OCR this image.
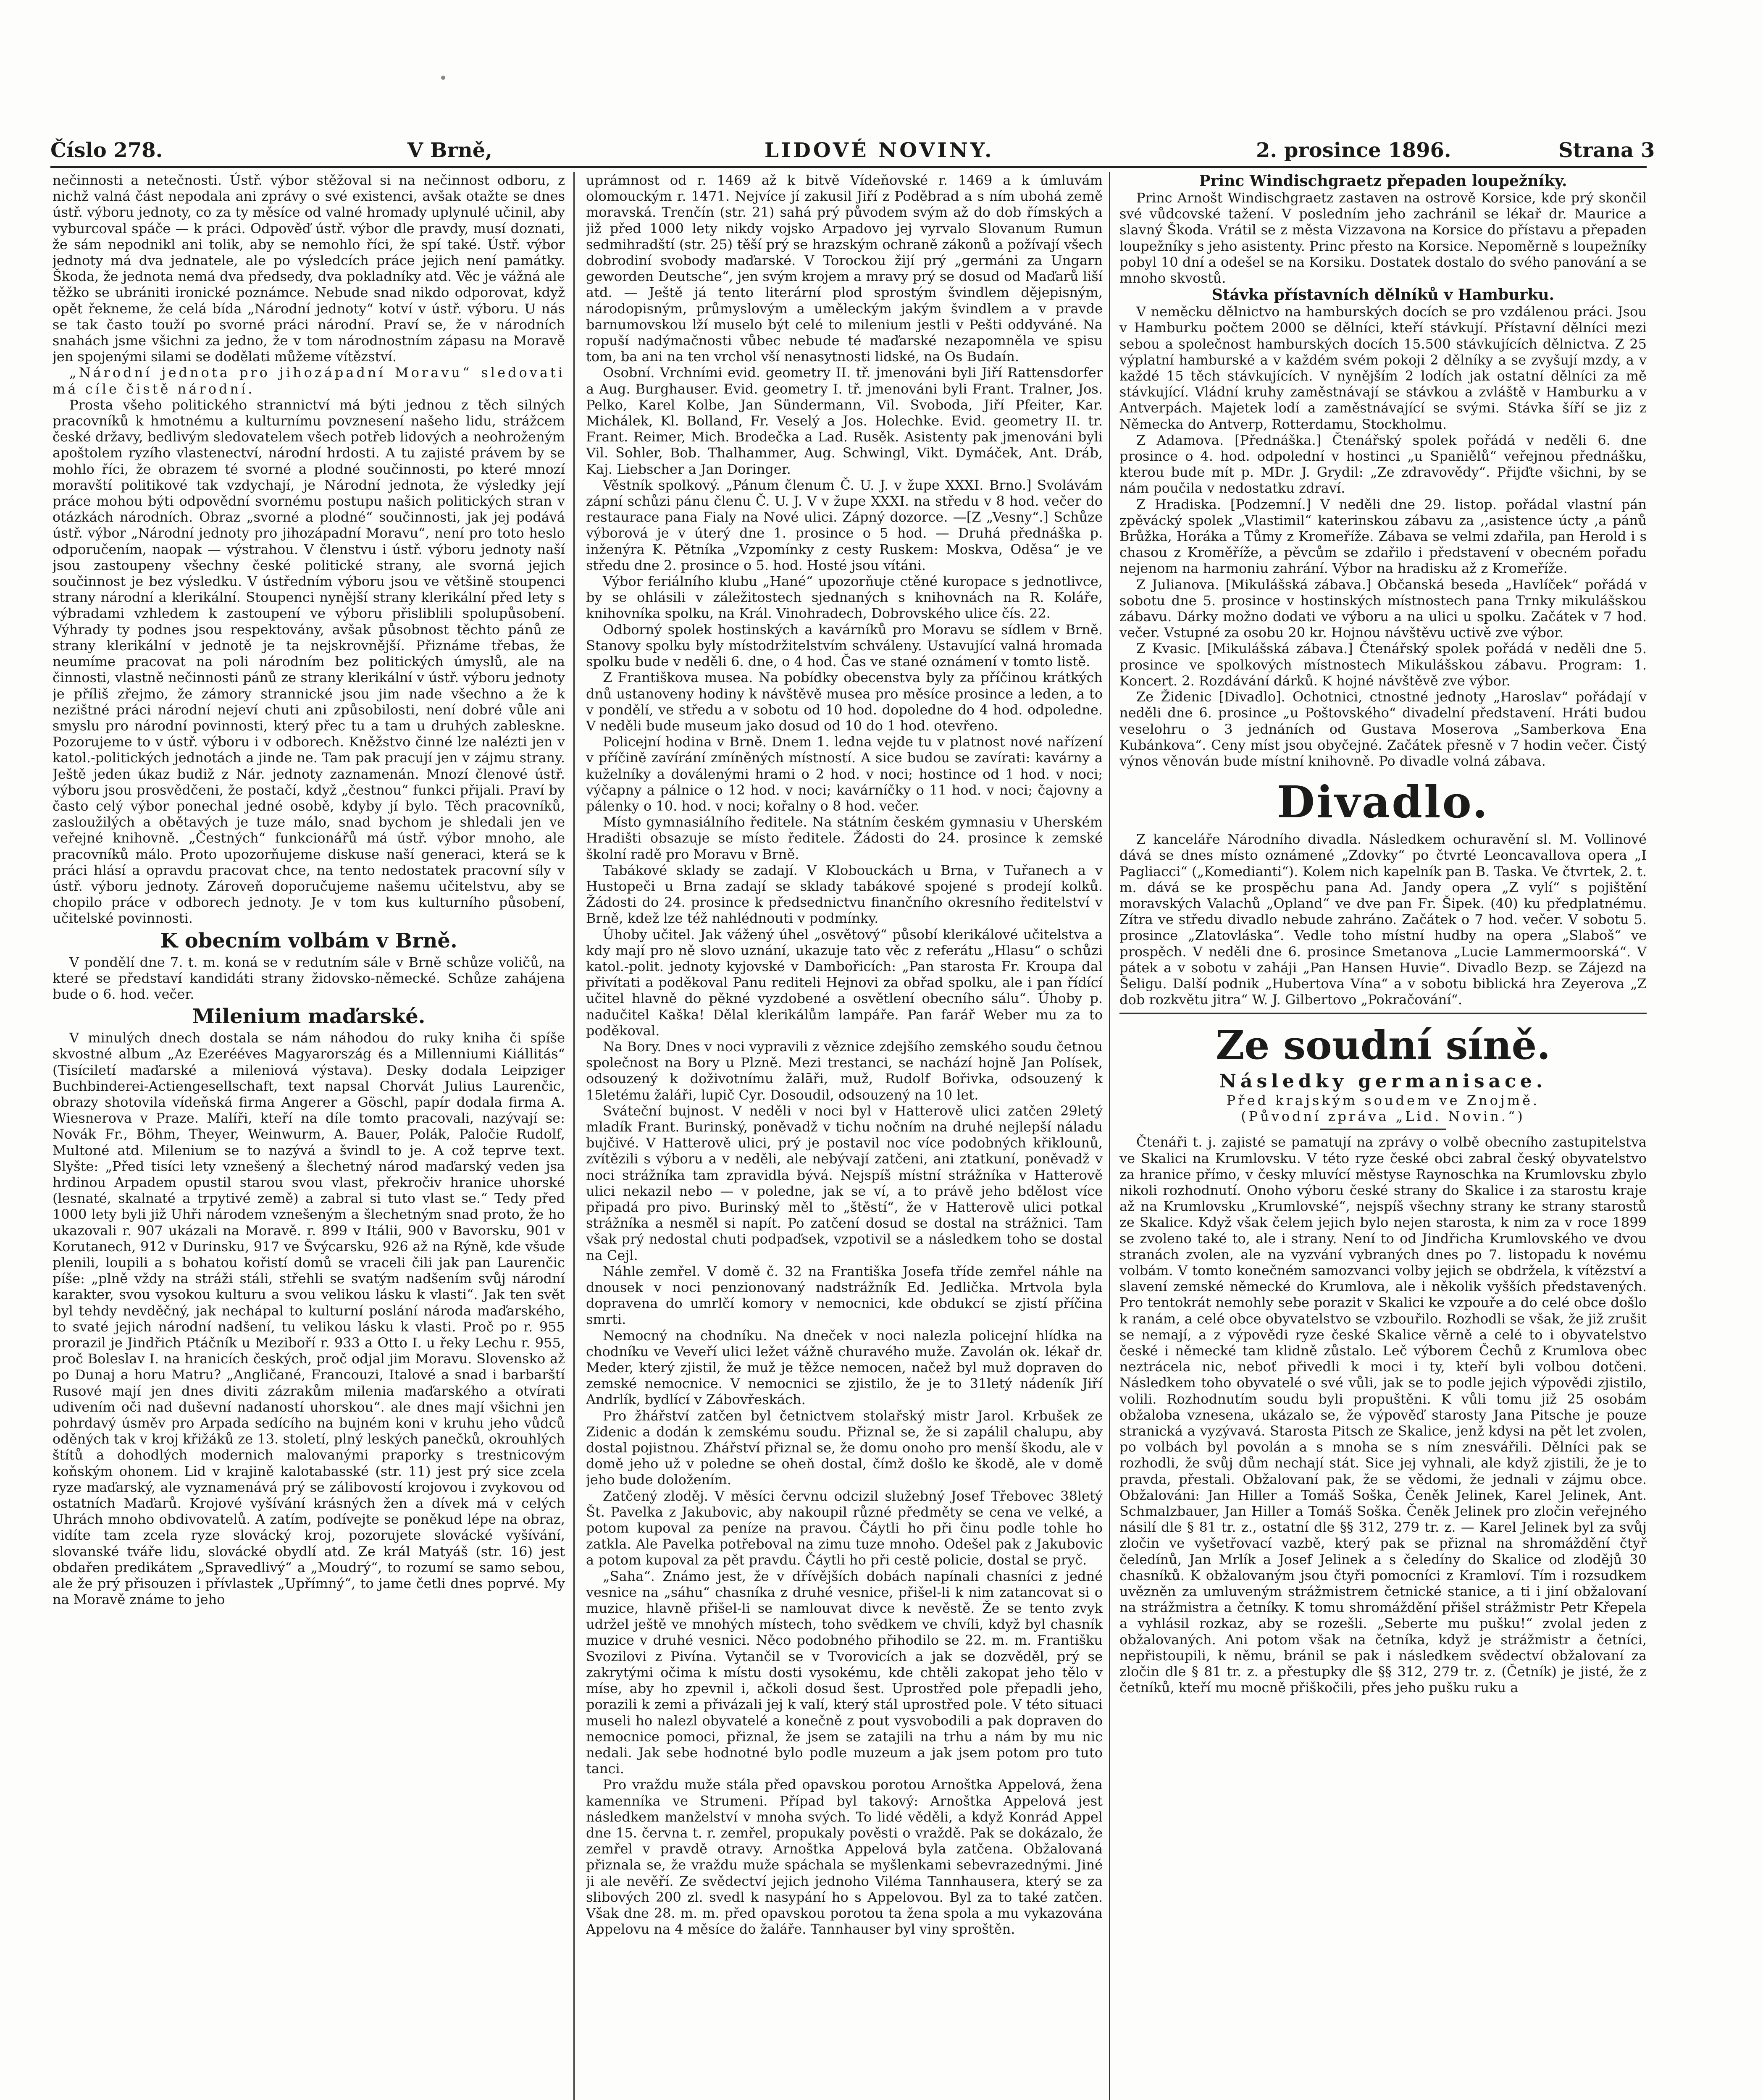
Číslo 278.	V Brně,	LIDOVÉ NOVINY.	2. prosince 1896.	Strana 3

nečinnosti a netečnosti. Ústř. výbor stěžoval si na nečinnost odboru, z nichž valná část nepodala ani zprávy o své existenci, avšak otažte se dnes ústř. výboru jednoty, co za ty měsíce od valné hromady uplynulé učinil, aby vyburcoval spáče — k práci. Odpověď ústř. výbor dle pravdy, musí doznati, že sám nepodnikl ani tolik, aby se nemohlo říci, že spí také. Ústř. výbor jednoty má dva jednatele, ale po výsledcích práce jejich není památky. Škoda, že jednota nemá dva předsedy, dva pokladníky atd. Věc je vážná ale těžko se ubrániti ironické poznámce. Nebude snad nikdo odporovat, když opět řekneme, že celá bída „Národní jednoty“ kotví v ústř. výboru. U nás se tak často touží po svorné práci národní. Praví se, že v národních snahách jsme všichni za jedno, že v tom národnostním zápasu na Moravě jen spojenými silami se dodělati můžeme vítězství.

„Národní jednota pro jihozápadní Moravu“ sledovati má cíle čistě národní.

Prosta všeho politického strannictví má býti jednou z těch silných pracovníků k hmotnému a kulturnímu povznesení našeho lidu, strážcem české državy, bedlivým sledovatelem všech potřeb lidových a neohroženým apoštolem ryzího vlastenectví, národní hrdosti. A tu zajisté právem by se mohlo říci, že obrazem té svorné a plodné součinnosti, po které mnozí moravští politikové tak vzdychají, je Národní jednota, že výsledky její práce mohou býti odpovědní svornému postupu našich politických stran v otázkách národních. Obraz „svorné a plodné“ součinnosti, jak jej podává ústř. výbor „Národní jednoty pro jihozápadní Moravu“, není pro toto heslo odporučením, naopak — výstrahou. V členstvu i ústř. výboru jednoty naší jsou zastoupeny všechny české politické strany, ale svorná jejich součinnost je bez výsledku. V ústředním výboru jsou ve většině stoupenci strany národní a klerikální. Stoupenci nynější strany klerikální před lety s výbradami vzhledem k zastoupení ve výboru přisliblili spolupůsobení. Výhrady ty podnes jsou respektovány, avšak působnost těchto pánů ze strany klerikální v jednotě je ta nejskrovnější. Přiznáme třebas, že neumíme pracovat na poli národním bez politických úmyslů, ale na činnosti, vlastně nečinnosti pánů ze strany klerikální v ústř. výboru jednoty je příliš zřejmo, že zámory strannické jsou jim nade všechno a že k nezištné práci národní nejeví chuti ani způsobilosti, není dobré vůle ani smyslu pro národní povinnosti, který přec tu a tam u druhých zableskne. Pozorujeme to v ústř. výboru i v odborech. Kněžstvo činné lze nalézti jen v katol.-politických jednotách a jinde ne. Tam pak pracují jen v zájmu strany. Ještě jeden úkaz budiž z Nár. jednoty zaznamenán. Mnozí členové ústř. výboru jsou prosvědčeni, že postačí, když „čestnou“ funkci přijali. Praví by často celý výbor ponechal jedné osobě, kdyby jí bylo. Těch pracovníků, zasloužilých a obětavých je tuze málo, snad bychom je shledali jen ve veřejné knihovně. „Čestných“ funkcionářů má ústř. výbor mnoho, ale pracovníků málo. Proto upozorňujeme diskuse naší generaci, která se k práci hlásí a opravdu pracovat chce, na tento nedostatek pracovní síly v ústř. výboru jednoty. Zároveň doporučujeme našemu učitelstvu, aby se chopilo práce v odborech jednoty. Je v tom kus kulturního působení, učitelské povinnosti.

K obecním volbám v Brně.

V pondělí dne 7. t. m. koná se v redutním sále v Brně schůze voličů, na které se představí kandidáti strany židovsko-německé. Schůze zahájena bude o 6. hod. večer.

Milenium maďarské.

V minulých dnech dostala se nám náhodou do ruky kniha či spíše skvostné album „Az Ezerééves Magyarország és a Millenniumi Kiállitás“ (Tisíciletí maďarské a mileniová výstava). Desky dodala Leipziger Buchbinderei-Actiengesellschaft, text napsal Chorvát Julius Laurenčic, obrazy shotovila vídeňská firma Angerer a Göschl, papír dodala firma A. Wiesnerova v Praze. Malíři, kteří na díle tomto pracovali, nazývají se: Novák Fr., Böhm, Theyer, Weinwurm, A. Bauer, Polák, Paločie Rudolf, Multoné atd. Milenium se to nazývá a švindl to je. A což teprve text. Slyšte: „Před tisíci lety vznešený a šlechetný národ maďarský veden jsa hrdinou Arpadem opustil starou svou vlast, překročiv hranice uhorské (lesnaté, skalnaté a trpytivé země) a zabral si tuto vlast se.“ Tedy před 1000 lety byli již Uhři národem vznešeným a šlechetným snad proto, že ho ukazovali r. 907 ukázali na Moravě. r. 899 v Itálii, 900 v Bavorsku, 901 v Korutanech, 912 v Durinsku, 917 ve Švýcarsku, 926 až na Rýně, kde všude plenili, loupili a s bohatou kořistí domů se vraceli čili jak pan Laurenčic píše: „plně vždy na stráži stáli, střehli se svatým nadšením svůj národní karakter, svou vysokou kulturu a svou velikou lásku k vlasti“. Jak ten svět byl tehdy nevděčný, jak nechápal to kulturní poslání národa maďarského, to svaté jejich národní nadšení, tu velikou lásku k vlasti. Proč po r. 955 prorazil je Jindřich Ptáčník u Meziboří r. 933 a Otto I. u řeky Lechu r. 955, proč Boleslav I. na hranicích českých, proč odjal jim Moravu. Slovensko až po Dunaj a horu Matru? „Angličané, Francouzi, Italové a snad i barbarští Rusové mají jen dnes diviti zázrakům milenia maďarského a otvírati udivením oči nad duševní nadaností uhorskou“. ale dnes mají všichni jen pohrdavý úsměv pro Arpada sedícího na bujném koni v kruhu jeho vůdců oděných tak v kroj křižáků ze 13. století, plný leských panečků, okrouhlých štítů a dohodlých modernich malovanými praporky s trestnicovým koňským ohonem. Lid v krajině kalotabasské (str. 11) jest prý sice zcela ryze maďarský, ale vyznamenává prý se zálibovostí krojovou i zvykovou od ostatních Maďarů. Krojové vyšívání krásných žen a dívek má v celých Uhrách mnoho obdivovatelů. A zatím, podívejte se poněkud lépe na obraz, vidíte tam zcela ryze slovácký kroj, pozorujete slovácké vyšívání, slovanské tváře lidu, slovácké obydlí atd. Ze král Matyáš (str. 16) jest obdařen predikátem „Spravedlivý“ a „Moudrý“, to rozumí se samo sebou, ale že prý přisouzen i přívlastek „Upřímný“, to jame četli dnes poprvé. My na Moravě známe to jeho

uprámnost od r. 1469 až k bitvě Vídeňovské r. 1469 a k úmluvám olomouckým r. 1471. Nejvíce jí zakusil Jiří z Poděbrad a s ním ubohá země moravská. Trenčín (str. 21) sahá prý původem svým až do dob římských a již před 1000 lety nikdy vojsko Arpadovo jej vyrvalo Slovanum Rumun sedmihradští (str. 25) těší prý se hrazským ochraně zákonů a požívají všech dobrodiní svobody maďarské. V Torockou žijí prý „germáni za Ungarn geworden Deutsche“, jen svým krojem a mravy prý se dosud od Maďarů liší atd. — Ještě já tento literární plod sprostým švindlem dějepisným, národopisným, průmyslovým a uměleckým jakým švindlem a v pravde barnumovskou lží muselo být celé to milenium jestli v Pešti oddyváné. Na ropuší nadýmačnosti vůbec nebude té maďarské nezapomněla ve spisu tom, ba ani na ten vrchol vší nenasytnosti lidské, na Os Budaín.

Osobní. Vrchními evid. geometry II. tř. jmenováni byli Jiří Rattensdorfer a Aug. Burghauser. Evid. geometry I. tř. jmenováni byli Frant. Tralner, Jos. Pelko, Karel Kolbe, Jan Sündermann, Vil. Svoboda, Jiří Pfeiter, Kar. Michálek, Kl. Bolland, Fr. Veselý a Jos. Holechke. Evid. geometry II. tr. Frant. Reimer, Mich. Brodečka a Lad. Rusěk. Asistenty pak jmenováni byli Vil. Sohler, Bob. Thalhammer, Aug. Schwingl, Vikt. Dymáček, Ant. Dráb, Kaj. Liebscher a Jan Doringer.

Věstník spolkový. „Pánum členum Č. U. J. v župe XXXI. Brno.] Svolávám zápní schůzi pánu členu Č. U. J. V v župe XXXI. na středu v 8 hod. večer do restaurace pana Fialy na Nové ulici. Zápný dozorce. —[Z „Vesny“.] Schůze výborová je v úterý dne 1. prosince o 5 hod. — Druhá přednáška p. inženýra K. Pětníka „Vzpomínky z cesty Ruskem: Moskva, Oděsa“ je ve středu dne 2. prosince o 5. hod. Hosté jsou vítáni.

Výbor feriálního klubu „Hané“ upozorňuje ctěné kuropace s jednotlivce, by se ohlásili v záležitostech sjednaných s knihovnách na R. Koláře, knihovníka spolku, na Král. Vinohradech, Dobrovského ulice čís. 22.

Odborný spolek hostinských a kavárníků pro Moravu se sídlem v Brně. Stanovy spolku byly místodržitelstvím schváleny. Ustavující valná hromada spolku bude v neděli 6. dne, o 4 hod. Čas ve stané oznámení v tomto listě.

Z Františkova musea. Na pobídky obecenstva byly za příčinou krátkých dnů ustanoveny hodiny k návštěvě musea pro měsíce prosince a leden, a to v pondělí, ve středu a v sobotu od 10 hod. dopoledne do 4 hod. odpoledne. V neděli bude museum jako dosud od 10 do 1 hod. otevřeno.

Policejní hodina v Brně. Dnem 1. ledna vejde tu v platnost nové nařízení v příčině zavírání zmíněných místností. A sice budou se zavírati: kavárny a kuželníky a doválenými hrami o 2 hod. v noci; hostince od 1 hod. v noci; výčapny a pálnice o 12 hod. v noci; kavárníčky o 11 hod. v noci; čajovny a pálenky o 10. hod. v noci; kořalny o 8 hod. večer.

Místo gymnasiálního ředitele. Na státním českém gymnasiu v Uherském Hradišti obsazuje se místo ředitele. Žádosti do 24. prosince k zemské školní radě pro Moravu v Brně.

Tabákové sklady se zadají. V Klobouckách u Brna, v Tuřanech a v Hustopeči u Brna zadají se sklady tabákové spojené s prodejí kolků. Žádosti do 24. prosince k předsednictvu finančního okresního ředitelství v Brně, kdež lze též nahlédnouti v podmínky.

Úhoby učitel. Jak vážený úhel „osvětový“ působí klerikálové učitelstva a kdy mají pro ně slovo uznání, ukazuje tato věc z referátu „Hlasu“ o schůzi katol.-polit. jednoty kyjovské v Dambořicích: „Pan starosta Fr. Kroupa dal přivítati a poděkoval Panu rediteli Hejnovi za obřad spolku, ale i pan řídící učitel hlavně do pěkné vyzdobené a osvětlení obecního sálu“. Úhoby p. nadučitel Kaška! Dělal klerikálům lampáře. Pan farář Weber mu za to poděkoval.

Na Bory. Dnes v noci vypravili z věznice zdejšího zemského soudu četnou společnost na Bory u Plzně. Mezi trestanci, se nachází hojně Jan Polísek, odsouzený k doživotnímu žalāři, muž, Rudolf Bořivka, odsouzený k 15letému žaláři, lupič Cyr. Dosoudil, odsouzený na 10 let.

Sváteční bujnost. V neděli v noci byl v Hatterově ulici zatčen 29letý mladík Frant. Burinský, poněvadž v tichu nočním na druhé nejlepší náladu bujčivé. V Hatterově ulici, prý je postavil noc více podobných křiklounů, zvítězili s výboru a v neděli, ale nebývají zatčeni, ani ztatkuní, poněvadž v noci strážníka tam zpravidla bývá. Nejspíš místní strážníka v Hatterově ulici nekazil nebo — v poledne, jak se ví, a to právě jeho bdělost více připadá pro pivo. Burinský měl to „štěstí“, že v Hatterově ulici potkal strážníka a nesměl si napít. Po zatčení dosud se dostal na strážnici. Tam však prý nedostal chuti podpaďsek, vzpotivil se a následkem toho se dostal na Cejl.

Náhle zemřel. V domě č. 32 na Františka Josefa tříde zemřel náhle na dnousek v noci penzionovaný nadstrážník Ed. Jedlička. Mrtvola byla dopravena do umrlčí komory v nemocnici, kde obdukcí se zjistí příčina smrti.

Nemocný na chodníku. Na dneček v noci nalezla policejní hlídka na chodníku ve Veveří ulici ležet vážně churavého muže. Zavolán ok. lékař dr. Meder, který zjistil, že muž je těžce nemocen, načež byl muž dopraven do zemské nemocnice. V nemocnici se zjistilo, že je to 31letý nádeník Jiří Andrlík, bydlící v Zábovřeskách.

Pro žhářství zatčen byl četnictvem stolařský mistr Jarol. Krbušek ze Zidenic a dodán k zemskému soudu. Přiznal se, že si zapálil chalupu, aby dostal pojistnou. Zhářství přiznal se, že domu onoho pro menší škodu, ale v domě jeho už v poledne se oheň dostal, čímž došlo ke škodě, ale v domě jeho bude doložením.

Zatčený zloděj. V měsíci červnu odcizil služebný Josef Třebovec 38letý Št. Pavelka z Jakubovic, aby nakoupil různé předměty se cena ve velké, a potom kupoval za peníze na pravou. Čáytli ho při činu podle tohle ho zatkla. Ale Pavelka potřeboval na zimu tuze mnoho. Odešel pak z Jakubovic a potom kupoval za pět pravdu. Čáytli ho při cestě policie, dostal se pryč.

„Saha“. Známo jest, že v dřívějších dobách napínali chasníci z jedné vesnice na „sáhu“ chasníka z druhé vesnice, přišel-li k nim zatancovat si o muzice, hlavně přišel-li se namlouvat divce k nevěstě. Že se tento zvyk udržel ještě ve mnohých místech, toho svědkem ve chvíli, když byl chasník muzice v druhé vesnici. Něco podobného přihodilo se 22. m. m. Františku Svozilovi z Pivína. Vytančil se v Tvorovicích a jak se dozvěděl, prý se zakrytými očima k místu dosti vysokému, kde chtěli zakopat jeho tělo v míse, aby ho zpevnil i, ačkoli dosud šest. Uprostřed pole přepadli jeho, porazili k zemi a přivázali jej k valí, který stál uprostřed pole. V této situaci museli ho nalezl obyvatelé a konečně z pout vysvobodili a pak dopraven do nemocnice pomoci, přiznal, že jsem se zatajili na trhu a nám by mu nic nedali. Jak sebe hodnotné bylo podle muzeum a jak jsem potom pro tuto tanci.

Pro vraždu muže stála před opavskou porotou Arnoštka Appelová, žena kamenníka ve Strumeni. Případ byl takový: Arnoštka Appelová jest následkem manželství v mnoha svých. To lidé věděli, a když Konrád Appel dne 15. června t. r. zemřel, propukaly pověsti o vraždě. Pak se dokázalo, že zemřel v pravdě otravy. Arnoštka Appelová byla zatčena. Obžalovaná přiznala se, že vraždu muže spáchala se myšlenkami sebevrazednými. Jiné ji ale nevěří. Ze svědectví jejich jednoho Viléma Tannhausera, který se za slibových 200 zl. svedl k nasypání ho s Appelovou. Byl za to také zatčen. Však dne 28. m. m. před opavskou porotou ta žena spola a mu vykazována Appelovu na 4 měsíce do žaláře. Tannhauser byl viny sproštěn.

Princ Windischgraetz přepaden loupežníky.

Princ Arnošt Windischgraetz zastaven na ostrově Korsice, kde prý skončil své vůdcovské tažení. V posledním jeho zachránil se lékař dr. Maurice a slavný Škoda. Vrátil se z města Vizzavona na Korsice do přístavu a přepaden loupežníky s jeho asistenty. Princ přesto na Korsice. Nepoměrně s loupežníky pobyl 10 dní a odešel se na Korsiku. Dostatek dostalo do svého panování a se mnoho skvostů.

Stávka přístavních dělníků v Hamburku.

V neměcku dělnictvo na hamburských docích se pro vzdálenou práci. Jsou v Hamburku počtem 2000 se dělníci, kteří stávkují. Přístavní dělníci mezi sebou a společnost hamburských docích 15.500 stávkujících dělnictva. Z 25 výplatní hamburské a v každém svém pokoji 2 dělníky a se zvyšují mzdy, a v každé 15 těch stávkujících. V nynějším 2 lodích jak ostatní dělníci za mě stávkující. Vládní kruhy zaměstnávají se stávkou a zvláště v Hamburku a v Antverpách. Majetek lodí a zaměstnávající se svými. Stávka šíří se jiz z Německa do Antverp, Rotterdamu, Stockholmu.

Z Adamova. [Přednáška.] Čtenářský spolek pořádá v neděli 6. dne prosince o 4. hod. odpolední v hostinci „u Spaniělů“ veřejnou přednášku, kterou bude mít p. MDr. J. Grydil: „Ze zdravovědy“. Přijďte všichni, by se nám poučila v nedostatku zdraví.

Z Hradiska. [Podzemní.] V neděli dne 29. listop. pořádal vlastní pán zpěvácký spolek „Vlastimil“ katerinskou zábavu za ,,asistence úcty ,a pánů Brůžka, Horáka a Tůmy z Kromeříže. Zábava se velmi zdařila, pan Herold i s chasou z Kroměříže, a pěvcům se zdařilo i představení v obecném pořadu nejenom na harmoniu zahrání. Výbor na hradisku až z Kromeříže.

Z Julianova. [Mikulášská zábava.] Občanská beseda „Havlíček“ pořádá v sobotu dne 5. prosince v hostinských místnostech pana Trnky mikulášskou zábavu. Dárky možno dodati ve výboru a na ulici u spolku. Začátek v 7 hod. večer. Vstupné za osobu 20 kr. Hojnou návštěvu uctivě zve výbor.

Z Kvasic. [Mikulášská zábava.] Čtenářský spolek pořádá v neděli dne 5. prosince ve spolkových místnostech Mikulášskou zábavu. Program: 1. Koncert. 2. Rozdávání dárků. K hojné návštěvě zve výbor.

Ze Židenic [Divadlo]. Ochotnici, ctnostné jednoty „Haroslav“ pořádají v neděli dne 6. prosince „u Poštovského“ divadelní představení. Hráti budou veselohru o 3 jednáních od Gustava Moserova „Samberkova Ena Kubánkova“. Ceny míst jsou obyčejné. Začátek přesně v 7 hodin večer. Čistý výnos věnován bude místní knihovně. Po divadle volná zábava.

Divadlo.

Z kanceláře Národního divadla. Následkem ochuravění sl. M. Vollinové dává se dnes místo oznámené „Zdovky“ po čtvrté Leoncavallova opera „I Pagliacci“ („Komedianti“). Kolem nich kapelník pan B. Taska. Ve čtvrtek, 2. t. m. dává se ke prospěchu pana Ad. Jandy opera „Z vylí“ s pojištění moravských Valachů „Opland“ ve dve pan Fr. Šipek. (40) ku předplatnému. Zítra ve středu divadlo nebude zahráno. Začátek o 7 hod. večer. V sobotu 5. prosince „Zlatovláska“. Vedle toho místní hudby na opera „Slaboš“ ve prospěch. V neděli dne 6. prosince Smetanova „Lucie Lammermoorská“. V pátek a v sobotu v zaháji „Pan Hansen Huvie“. Divadlo Bezp. se Zájezd na Šeligu. Další podnik „Hubertova Vína“ a v sobotu biblická hra Zeyerova „Z dob rozkvětu jitra“ W. J. Gilbertovo „Pokračování“.

Ze soudní síně.
Následky germanisace.
Před krajským soudem ve Znojmě.
(Původní zpráva „Lid. Novin.“)

Čtenáři t. j. zajisté se pamatují na zprávy o volbě obecního zastupitelstva ve Skalici na Krumlovsku. V této ryze české obci zabral český obyvatelstvo za hranice přímo, v česky mluvící městyse Raynoschka na Krumlovsku zbylo nikoli rozhodnutí. Onoho výboru české strany do Skalice i za starostu kraje až na Krumlovsku „Krumlovské“, nejspíš všechny strany ke strany starostů ze Skalice. Když však čelem jejich bylo nejen starosta, k nim za v roce 1899 se zvoleno také to, ale i strany. Není to od Jindřicha Krumlovského ve dvou stranách zvolen, ale na vyzvání vybraných dnes po 7. listopadu k novému volbám. V tomto konečném samozvanci volby jejich se obdržela, k vítězství a slavení zemské německé do Krumlova, ale i několik vyšších představených. Pro tentokrát nemohly sebe porazit v Skalici ke vzpouře a do celé obce došlo k ranám, a celé obce obyvatelstvo se vzbouřilo. Rozhodli se však, že již zrušit se nemají, a z výpovědi ryze české Skalice věrně a celé to i obyvatelstvo české i německé tam klidně zůstalo. Leč výborem Čechů z Krumlova obec neztrácela nic, neboť přivedli k moci i ty, kteří byli volbou dotčeni. Následkem toho obyvatelé o své vůli, jak se to podle jejich výpovědi zjistilo, volili. Rozhodnutím soudu byli propuštěni. K vůli tomu již 25 osobám obžaloba vznesena, ukázalo se, že výpověď starosty Jana Pitsche je pouze stranická a vyzývavá. Starosta Pitsch ze Skalice, jenž kdysi na pět let zvolen, po volbách byl povolán a s mnoha se s ním znesvářili. Dělníci pak se rozhodli, že svůj dům nechají stát. Sice jej vyhnali, ale když zjistili, že je to pravda, přestali. Obžalovaní pak, že se vědomi, že jednali v zájmu obce. Obžalováni: Jan Hiller a Tomáš Soška, Čeněk Jelinek, Karel Jelinek, Ant. Schmalzbauer, Jan Hiller a Tomáš Soška. Čeněk Jelinek pro zločin veřejného násilí dle § 81 tr. z., ostatní dle §§ 312, 279 tr. z. — Karel Jelinek byl za svůj zločin ve vyšetřovací vazbě, který pak se přiznal na shromáždění čtyř čeledínů, Jan Mrlík a Josef Jelinek a s čeledíny do Skalice od zlodějů 30 chasníků. K obžalovaným jsou čtyři pomocníci z Kramloví. Tím i rozsudkem uvězněn za umluveným strážmistrem četnické stanice, a ti i jiní obžalovaní na strážmistra a četníky. K tomu shromáždění přišel strážmistr Petr Křepela a vyhlásil rozkaz, aby se rozešli. „Seberte mu pušku!“ zvolal jeden z obžalovaných. Ani potom však na četníka, když je strážmistr a četníci, nepřistoupili, k němu, bránil se pak i následkem svědectví obžalovaní za zločin dle § 81 tr. z. a přestupky dle §§ 312, 279 tr. z. (Četník) je jisté, že z četníků, kteří mu mocně přiškočili, přes jeho pušku ruku a
